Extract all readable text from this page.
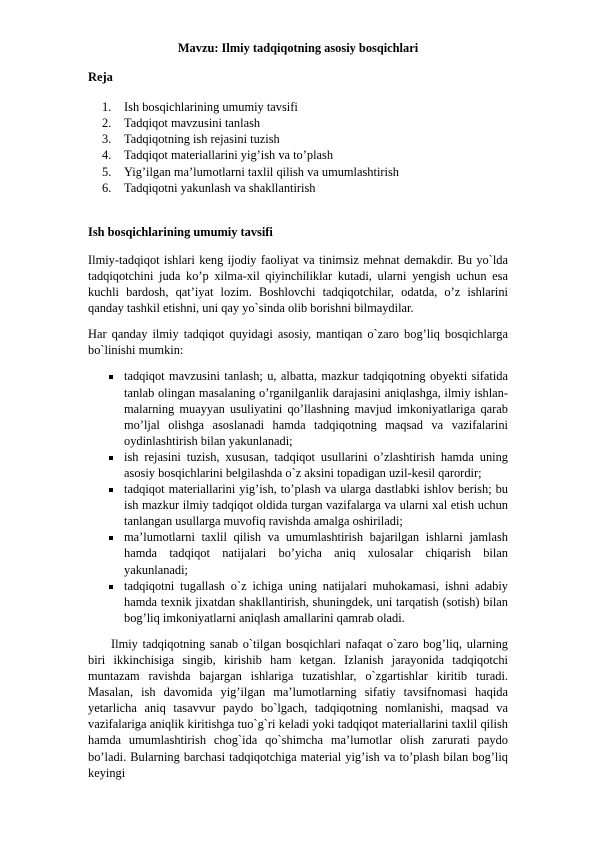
Mavzu: Ilmiy tadqiqotning asosiy bosqichlari

Reja

1. Ish bosqichlarining umumiy tavsifi
2. Tadqiqot mavzusini tanlash
3. Tadqiqotning ish rejasini tuzish
4. Tadqiqot materiallarini yig’ish va to’plash
5. Yig’ilgan ma’lumotlarni taxlil qilish va umumlashtirish
6. Tadqiqotni yakunlash va shakllantirish

Ish bosqichlarining umumiy tavsifi

Ilmiy-tadqiqot ishlari keng ijodiy faoliyat va tinimsiz mehnat demakdir. Bu yo`lda tadqiqotchini juda ko’p xilma-xil qiyinchiliklar kutadi, ularni yengish uchun esa kuchli bardosh, qat’iyat lozim. Boshlovchi tadqiqotchilar, odatda, o’z ishlarini qanday tashkil etishni, uni qay yo`sinda olib borishni bilmaydilar.

Har qanday ilmiy tadqiqot quyidagi asosiy, mantiqan o`zaro bog’liq bosqichlarga bo`linishi mumkin:

tadqiqot mavzusini tanlash; u, albatta, mazkur tadqiqotning obyekti sifatida tanlab olingan masalaning o’rganilganlik darajasini aniqlashga, ilmiy ishlan-malarning muayyan usuliyatini qo’llashning mavjud imkoniyatlariga qarab mo’ljal olishga asoslanadi hamda tadqiqotning maqsad va vazifalarini oydinlashtirish bilan yakunlanadi;
ish rejasini tuzish, xususan, tadqiqot usullarini o’zlashtirish hamda uning asosiy bosqichlarini belgilashda o`z aksini topadigan uzil-kesil qarordir;
tadqiqot materiallarini yig’ish, to’plash va ularga dastlabki ishlov berish; bu ish mazkur ilmiy tadqiqot oldida turgan vazifalarga va ularni xal etish uchun tanlangan usullarga muvofiq ravishda amalga oshiriladi;
ma’lumotlarni taxlil qilish va umumlashtirish bajarilgan ishlarni jamlash hamda tadqiqot natijalari bo’yicha aniq xulosalar chiqarish bilan yakunlanadi;
tadqiqotni tugallash o`z ichiga uning natijalari muhokamasi, ishni adabiy hamda texnik jixatdan shakllantirish, shuningdek, uni tarqatish (sotish) bilan bog’liq imkoniyatlarni aniqlash amallarini qamrab oladi.

Ilmiy tadqiqotning sanab o`tilgan bosqichlari nafaqat o`zaro bog’liq, ularning biri ikkinchisiga singib, kirishib ham ketgan. Izlanish jarayonida tadqiqotchi muntazam ravishda bajargan ishlariga tuzatishlar, o`zgartishlar kiritib turadi. Masalan, ish davomida yig’ilgan ma’lumotlarning sifatiy tavsifnomasi haqida yetarlicha aniq tasavvur paydo bo`lgach, tadqiqotning nomlanishi, maqsad va vazifalariga aniqlik kiritishga tuo`g`ri keladi yoki tadqiqot materiallarini taxlil qilish hamda umumlashtirish chog`ida qo`shimcha ma’lumotlar olish zarurati paydo bo’ladi. Bularning barchasi tadqiqotchiga material yig’ish va to’plash bilan bog’liq keyingi
